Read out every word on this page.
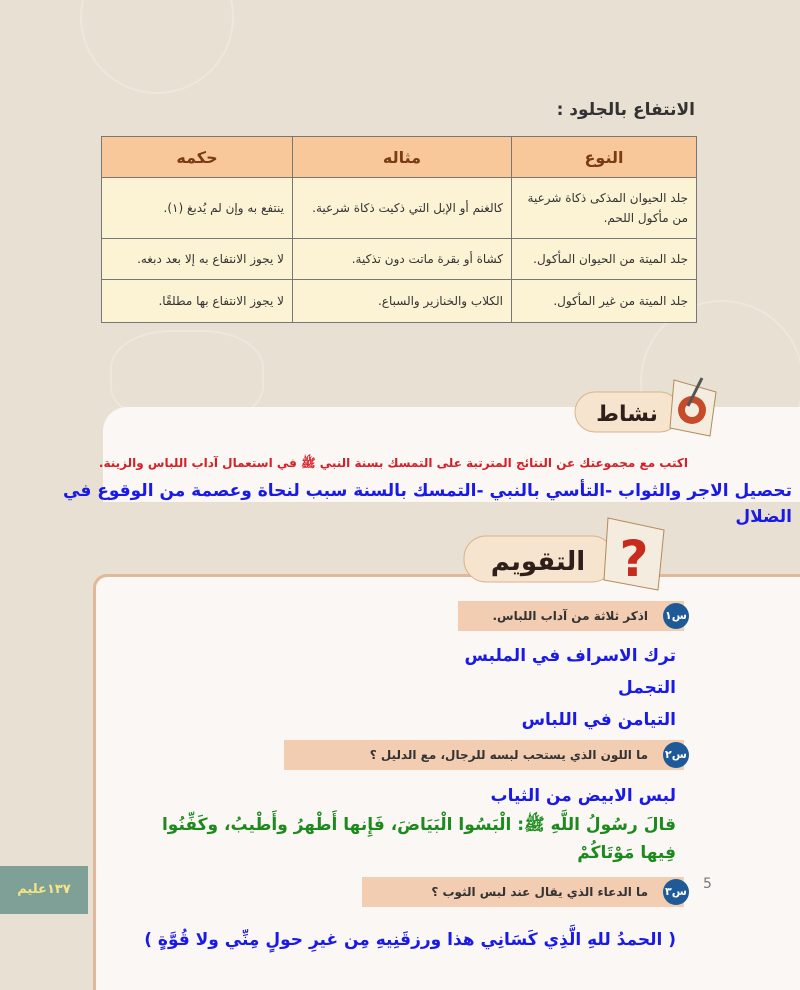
الانتفاع بالجلود :
النوع	مثاله	حكمه
جلد الحيوان المذكى ذكاة شرعية من مأكول اللحم.	كالغنم أو الإبل التي ذكيت ذكاة شرعية.	ينتفع به وإن لم يُدبغ (١).
جلد الميتة من الحيوان المأكول.	كشاة أو بقرة ماتت دون تذكية.	لا يجوز الانتفاع به إلا بعد دبغه.
جلد الميتة من غير المأكول.	الكلاب والخنازير والسباع.	لا يجوز الانتفاع بها مطلقًا.
نشاط
اكتب مع مجموعتك عن النتائج المترتبة على التمسك بسنة النبي ﷺ في استعمال آداب اللباس والزينة.
تحصيل الاجر والثواب -التأسي بالنبي -التمسك بالسنة سبب لنحاة وعصمة من الوقوع في الضلال
?
التقويم
اذكر ثلاثة من آداب اللباس.	س١
ترك الاسراف في الملبس
التجمل
التيامن في اللباس
ما اللون الذي يستحب لبسه للرجال، مع الدليل ؟	س٢
لبس الابيض من الثياب
قالَ رسُولُ اللَّهِ ﷺ: الْبَسُوا الْبَيَاضَ، فَإِنها أَطْهرُ وأَطْيبُ، وكَفِّنُوا
فِيها مَوْتَاكُمْ
ما الدعاء الذي يقال عند لبس الثوب ؟	س٣
( الحمدُ للهِ الَّذِي كَسَانِي هذا ورزقَنِيهِ مِن غيرِ حولٍ مِنِّي ولا قُوَّةٍ )
١٣٧عليم	5
